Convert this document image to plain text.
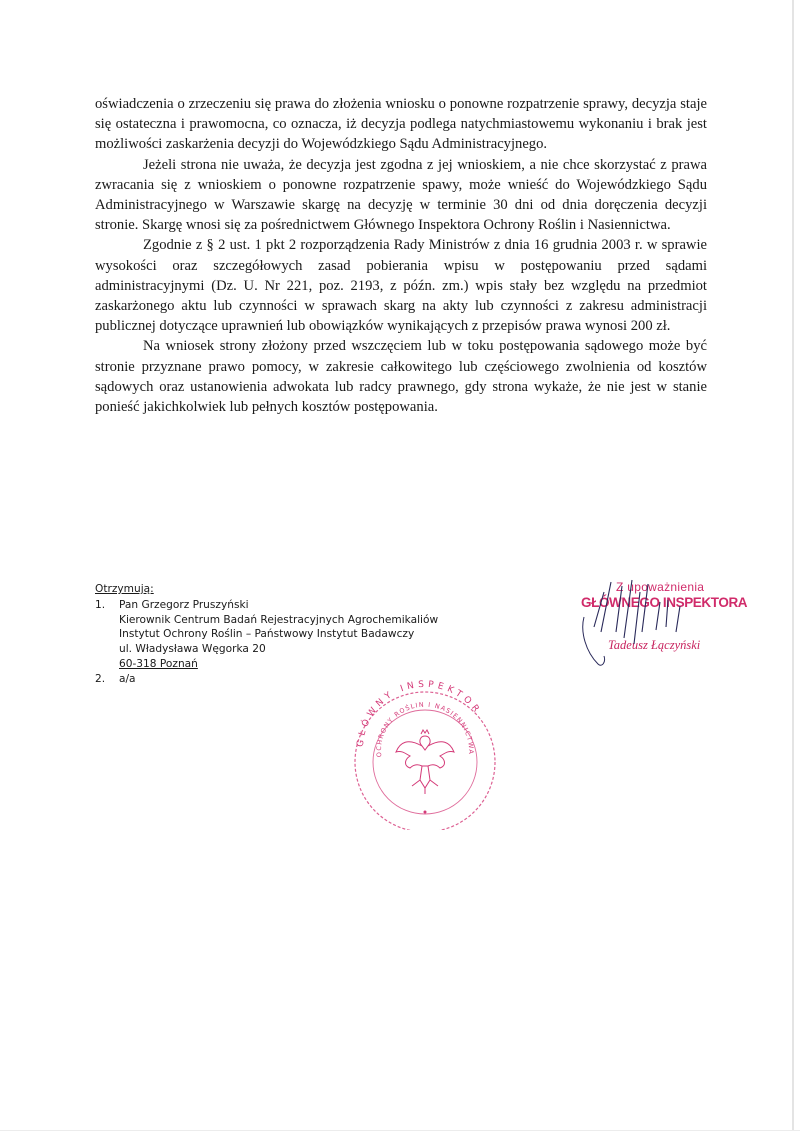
oświadczenia o zrzeczeniu się prawa do złożenia wniosku o ponowne rozpatrzenie sprawy, decyzja staje się ostateczna i prawomocna, co oznacza, iż decyzja podlega natychmiastowemu wykonaniu i brak jest możliwości zaskarżenia decyzji do Wojewódzkiego Sądu Administracyjnego.

Jeżeli strona nie uważa, że decyzja jest zgodna z jej wnioskiem, a nie chce skorzystać z prawa zwracania się z wnioskiem o ponowne rozpatrzenie spawy, może wnieść do Wojewódzkiego Sądu Administracyjnego w Warszawie skargę na decyzję w terminie 30 dni od dnia doręczenia decyzji stronie. Skargę wnosi się za pośrednictwem Głównego Inspektora Ochrony Roślin i Nasiennictwa.

Zgodnie z § 2 ust. 1 pkt 2 rozporządzenia Rady Ministrów z dnia 16 grudnia 2003 r. w sprawie wysokości oraz szczegółowych zasad pobierania wpisu w postępowaniu przed sądami administracyjnymi (Dz. U. Nr 221, poz. 2193, z późn. zm.) wpis stały bez względu na przedmiot zaskarżonego aktu lub czynności w sprawach skarg na akty lub czynności z zakresu administracji publicznej dotyczące uprawnień lub obowiązków wynikających z przepisów prawa wynosi 200 zł.

Na wniosek strony złożony przed wszczęciem lub w toku postępowania sądowego może być stronie przyznane prawo pomocy, w zakresie całkowitego lub częściowego zwolnienia od kosztów sądowych oraz ustanowienia adwokata lub radcy prawnego, gdy strona wykaże, że nie jest w stanie ponieść jakichkolwiek lub pełnych kosztów postępowania.

Otrzymują:
1.	Pan Grzegorz Pruszyński
Kierownik Centrum Badań Rejestracyjnych Agrochemikaliów
Instytut Ochrony Roślin – Państwowy Instytut Badawczy
ul. Władysława Węgorka 20
60-318 Poznań
2.	a/a
Z upoważnienia
GŁÓWNEGO INSPEKTORA
Tadeusz Łączyński
GŁÓWNY INSPEKTOR
OCHRONY ROŚLIN I NASIENNICTWA
